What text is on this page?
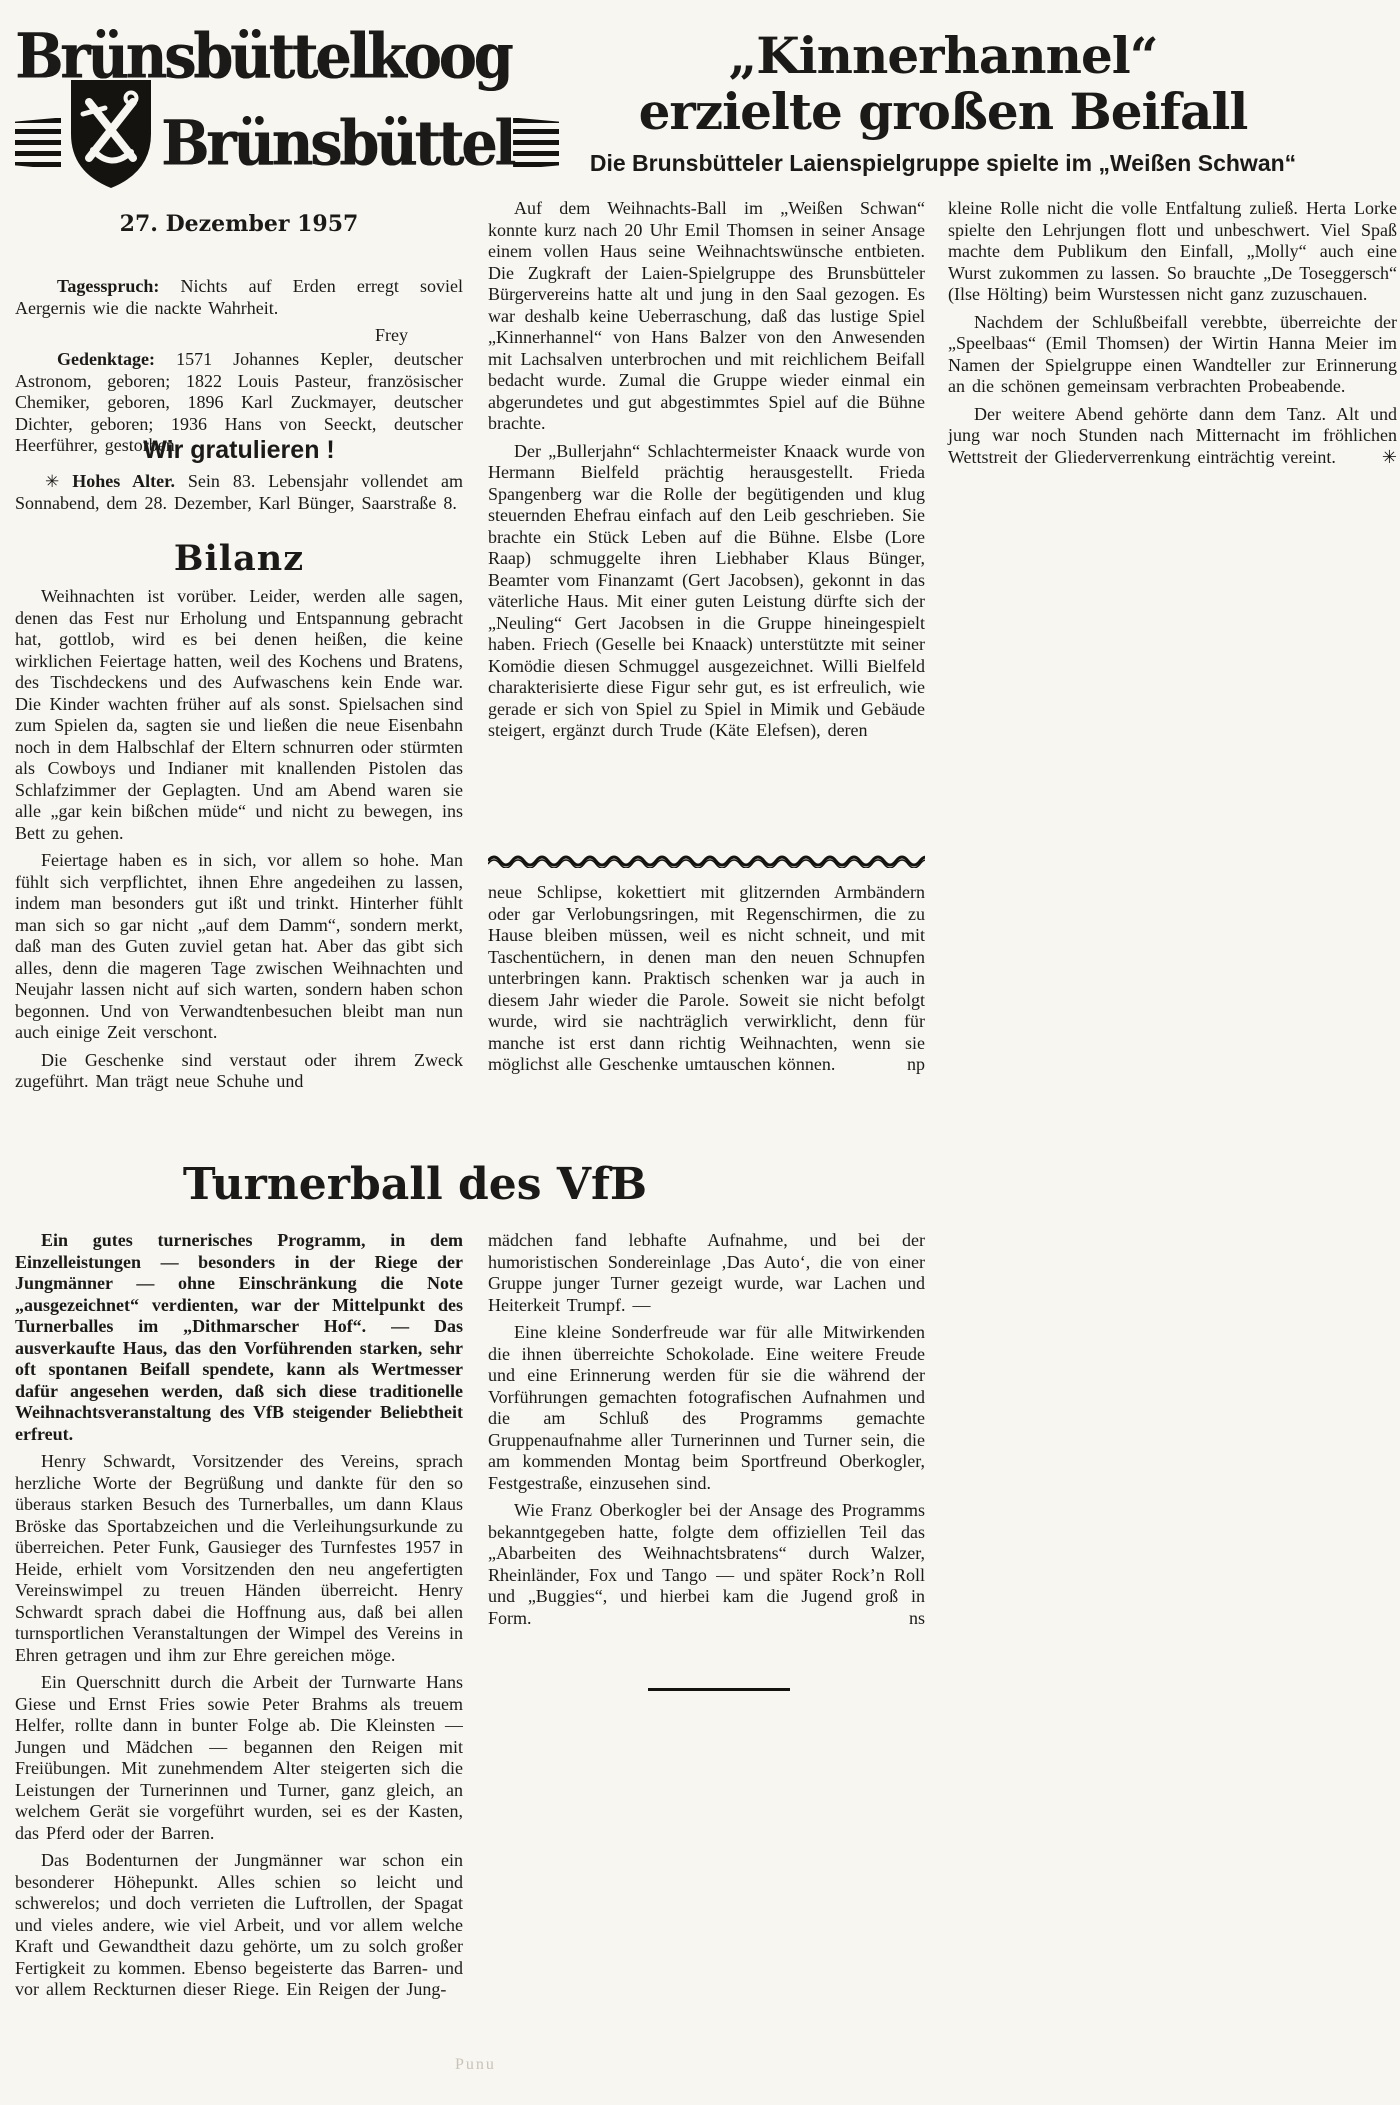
Brünsbüttelkoog
Brünsbüttel
27. Dezember 1957

Tagesspruch: Nichts auf Erden erregt soviel Aergernis wie die nackte Wahrheit.

Frey

Gedenktage: 1571 Johannes Kepler, deutscher Astronom, geboren; 1822 Louis Pasteur, französischer Chemiker, geboren, 1896 Karl Zuckmayer, deutscher Dichter, geboren; 1936 Hans von Seeckt, deutscher Heerführer, gestorben.

Wir gratulieren !

✳ Hohes Alter. Sein 83. Lebensjahr vollendet am Sonnabend, dem 28. Dezember, Karl Bünger, Saarstraße 8.

Bilanz

Weihnachten ist vorüber. Leider, werden alle sagen, denen das Fest nur Erholung und Entspannung gebracht hat, gottlob, wird es bei denen heißen, die keine wirklichen Feiertage hatten, weil des Kochens und Bratens, des Tischdeckens und des Aufwaschens kein Ende war. Die Kinder wachten früher auf als sonst. Spielsachen sind zum Spielen da, sagten sie und ließen die neue Eisenbahn noch in dem Halbschlaf der Eltern schnurren oder stürmten als Cowboys und Indianer mit knallenden Pistolen das Schlafzimmer der Geplagten. Und am Abend waren sie alle „gar kein bißchen müde“ und nicht zu bewegen, ins Bett zu gehen.

Feiertage haben es in sich, vor allem so hohe. Man fühlt sich verpflichtet, ihnen Ehre angedeihen zu lassen, indem man besonders gut ißt und trinkt. Hinterher fühlt man sich so gar nicht „auf dem Damm“, sondern merkt, daß man des Guten zuviel getan hat. Aber das gibt sich alles, denn die mageren Tage zwischen Weihnachten und Neujahr lassen nicht auf sich warten, sondern haben schon begonnen. Und von Verwandtenbesuchen bleibt man nun auch einige Zeit verschont.

Die Geschenke sind verstaut oder ihrem Zweck zugeführt. Man trägt neue Schuhe und

„Kinnerhannel“
erzielte großen Beifall
Die Brunsbütteler Laienspielgruppe spielte im „Weißen Schwan“

Auf dem Weihnachts-Ball im „Weißen Schwan“ konnte kurz nach 20 Uhr Emil Thomsen in seiner Ansage einem vollen Haus seine Weihnachtswünsche entbieten. Die Zugkraft der Laien-Spielgruppe des Brunsbütteler Bürgervereins hatte alt und jung in den Saal gezogen. Es war deshalb keine Ueberraschung, daß das lustige Spiel „Kinnerhannel“ von Hans Balzer von den Anwesenden mit Lachsalven unterbrochen und mit reichlichem Beifall bedacht wurde. Zumal die Gruppe wieder einmal ein abgerundetes und gut abgestimmtes Spiel auf die Bühne brachte.

Der „Bullerjahn“ Schlachtermeister Knaack wurde von Hermann Bielfeld prächtig herausgestellt. Frieda Spangenberg war die Rolle der begütigenden und klug steuernden Ehefrau einfach auf den Leib geschrieben. Sie brachte ein Stück Leben auf die Bühne. Elsbe (Lore Raap) schmuggelte ihren Liebhaber Klaus Bünger, Beamter vom Finanzamt (Gert Jacobsen), gekonnt in das väterliche Haus. Mit einer guten Leistung dürfte sich der „Neuling“ Gert Jacobsen in die Gruppe hineingespielt haben. Friech (Geselle bei Knaack) unterstützte mit seiner Komödie diesen Schmuggel ausgezeichnet. Willi Bielfeld charakterisierte diese Figur sehr gut, es ist erfreulich, wie gerade er sich von Spiel zu Spiel in Mimik und Gebäude steigert, ergänzt durch Trude (Käte Elefsen), deren

kleine Rolle nicht die volle Entfaltung zuließ. Herta Lorke spielte den Lehrjungen flott und unbeschwert. Viel Spaß machte dem Publikum den Einfall, „Molly“ auch eine Wurst zukommen zu lassen. So brauchte „De Toseggersch“ (Ilse Hölting) beim Wurstessen nicht ganz zuzuschauen.

Nachdem der Schlußbeifall verebbte, überreichte der „Speelbaas“ (Emil Thomsen) der Wirtin Hanna Meier im Namen der Spielgruppe einen Wandteller zur Erinnerung an die schönen gemeinsam verbrachten Probeabende.

Der weitere Abend gehörte dann dem Tanz. Alt und jung war noch Stunden nach Mitternacht im fröhlichen Wettstreit der Gliederverrenkung einträchtig vereint.	✳

neue Schlipse, kokettiert mit glitzernden Armbändern oder gar Verlobungsringen, mit Regenschirmen, die zu Hause bleiben müssen, weil es nicht schneit, und mit Taschentüchern, in denen man den neuen Schnupfen unterbringen kann. Praktisch schenken war ja auch in diesem Jahr wieder die Parole. Soweit sie nicht befolgt wurde, wird sie nachträglich verwirklicht, denn für manche ist erst dann richtig Weihnachten, wenn sie möglichst alle Geschenke umtauschen können.	np

Turnerball des VfB

Ein gutes turnerisches Programm, in dem Einzelleistungen — besonders in der Riege der Jungmänner — ohne Einschränkung die Note „ausgezeichnet“ verdienten, war der Mittelpunkt des Turnerballes im „Dithmarscher Hof“. — Das ausverkaufte Haus, das den Vorführenden starken, sehr oft spontanen Beifall spendete, kann als Wertmesser dafür angesehen werden, daß sich diese traditionelle Weihnachtsveranstaltung des VfB steigender Beliebtheit erfreut.

Henry Schwardt, Vorsitzender des Vereins, sprach herzliche Worte der Begrüßung und dankte für den so überaus starken Besuch des Turnerballes, um dann Klaus Bröske das Sportabzeichen und die Verleihungsurkunde zu überreichen. Peter Funk, Gausieger des Turnfestes 1957 in Heide, erhielt vom Vorsitzenden den neu angefertigten Vereinswimpel zu treuen Händen überreicht. Henry Schwardt sprach dabei die Hoffnung aus, daß bei allen turnsportlichen Veranstaltungen der Wimpel des Vereins in Ehren getragen und ihm zur Ehre gereichen möge.

Ein Querschnitt durch die Arbeit der Turnwarte Hans Giese und Ernst Fries sowie Peter Brahms als treuem Helfer, rollte dann in bunter Folge ab. Die Kleinsten — Jungen und Mädchen — begannen den Reigen mit Freiübungen. Mit zunehmendem Alter steigerten sich die Leistungen der Turnerinnen und Turner, ganz gleich, an welchem Gerät sie vorgeführt wurden, sei es der Kasten, das Pferd oder der Barren.

Das Bodenturnen der Jungmänner war schon ein besonderer Höhepunkt. Alles schien so leicht und schwerelos; und doch verrieten die Luftrollen, der Spagat und vieles andere, wie viel Arbeit, und vor allem welche Kraft und Gewandtheit dazu gehörte, um zu solch großer Fertigkeit zu kommen. Ebenso begeisterte das Barren- und vor allem Reckturnen dieser Riege. Ein Reigen der Jung-

mädchen fand lebhafte Aufnahme, und bei der humoristischen Sondereinlage ‚Das Auto‘, die von einer Gruppe junger Turner gezeigt wurde, war Lachen und Heiterkeit Trumpf. —

Eine kleine Sonderfreude war für alle Mitwirkenden die ihnen überreichte Schokolade. Eine weitere Freude und eine Erinnerung werden für sie die während der Vorführungen gemachten fotografischen Aufnahmen und die am Schluß des Programms gemachte Gruppenaufnahme aller Turnerinnen und Turner sein, die am kommenden Montag beim Sportfreund Oberkogler, Festgestraße, einzusehen sind.

Wie Franz Oberkogler bei der Ansage des Programms bekanntgegeben hatte, folgte dem offiziellen Teil das „Abarbeiten des Weihnachtsbratens“ durch Walzer, Rheinländer, Fox und Tango — und später Rock’n Roll und „Buggies“, und hierbei kam die Jugend groß in Form.	ns

Punu
